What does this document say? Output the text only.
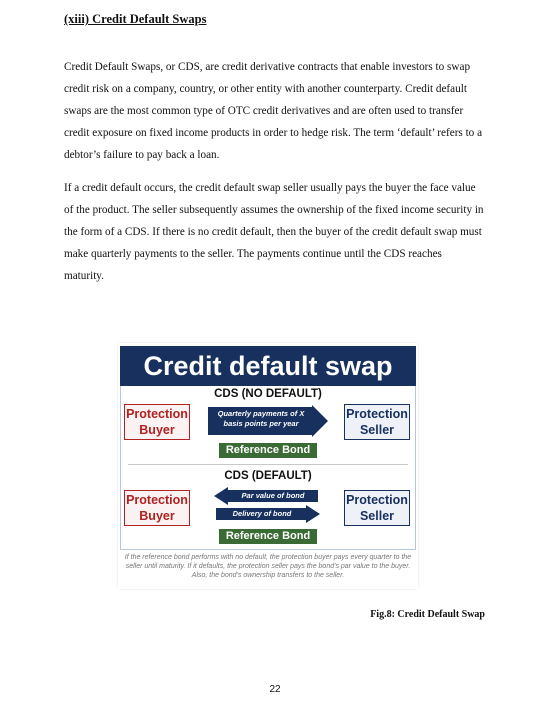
(xiii) Credit Default Swaps

Credit Default Swaps, or CDS, are credit derivative contracts that enable investors to swap credit risk on a company, country, or other entity with another counterparty. Credit default swaps are the most common type of OTC credit derivatives and are often used to transfer credit exposure on fixed income products in order to hedge risk. The term ‘default’ refers to a debtor’s failure to pay back a loan.

If a credit default occurs, the credit default swap seller usually pays the buyer the face value of the product. The seller subsequently assumes the ownership of the fixed income security in the form of a CDS. If there is no credit default, then the buyer of the credit default swap must make quarterly payments to the seller. The payments continue until the CDS reaches maturity.

Credit default swap
CDS (NO DEFAULT)
Protection Buyer
Protection Seller
Quarterly payments of X basis points per year
Reference Bond
CDS (DEFAULT)
Protection Buyer
Protection Seller
Par value of bond
Delivery of bond
Reference Bond
If the reference bond performs with no default, the protection buyer pays every quarter to the seller until maturity. If it defaults, the protection seller pays the bond's par value to the buyer. Also, the bond's ownership transfers to the seller.

Fig.8: Credit Default Swap

22
